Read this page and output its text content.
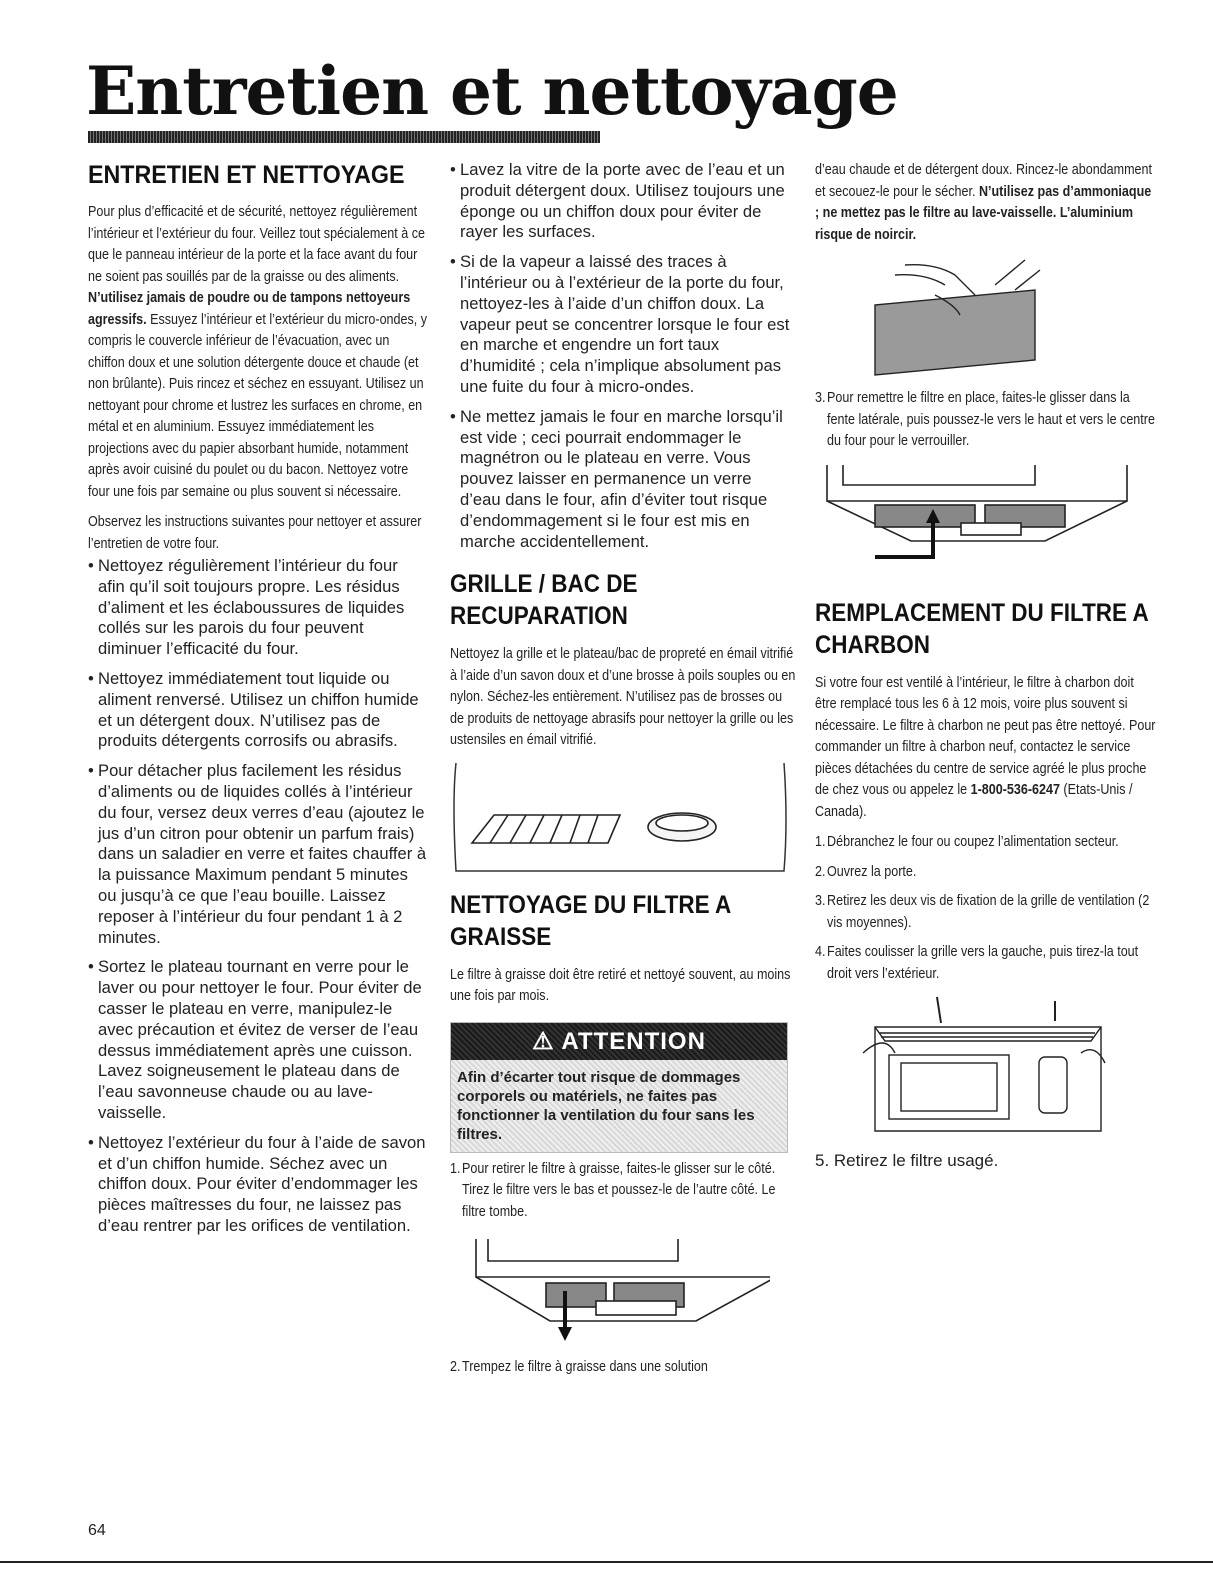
Entretien et nettoyage
ENTRETIEN ET NETTOYAGE

Pour plus d’efficacité et de sécurité, nettoyez régulièrement l’intérieur et l’extérieur du four. Veillez tout spécialement à ce que le panneau intérieur de la porte et la face avant du four ne soient pas souillés par de la graisse ou des aliments. N’utilisez jamais de poudre ou de tampons nettoyeurs agressifs. Essuyez l’intérieur et l’extérieur du micro-ondes, y compris le couvercle inférieur de l’évacuation, avec un chiffon doux et une solution détergente douce et chaude (et non brûlante). Puis rincez et séchez en essuyant. Utilisez un nettoyant pour chrome et lustrez les surfaces en chrome, en métal et en aluminium. Essuyez immédiatement les projections avec du papier absorbant humide, notamment après avoir cuisiné du poulet ou du bacon. Nettoyez votre four une fois par semaine ou plus souvent si nécessaire.

Observez les instructions suivantes pour nettoyer et assurer l’entretien de votre four.

• Nettoyez régulièrement l’intérieur du four afin qu’il soit toujours propre. Les résidus d’aliment et les éclaboussures de liquides collés sur les parois du four peuvent diminuer l’efficacité du four.
• Nettoyez immédiatement tout liquide ou aliment renversé. Utilisez un chiffon humide et un détergent doux. N’utilisez pas de produits détergents corrosifs ou abrasifs.
• Pour détacher plus facilement les résidus d’aliments ou de liquides collés à l’intérieur du four, versez deux verres d’eau (ajoutez le jus d’un citron pour obtenir un parfum frais) dans un saladier en verre et faites chauffer à la puissance Maximum pendant 5 minutes ou jusqu’à ce que l’eau bouille. Laissez reposer à l’intérieur du four pendant 1 à 2 minutes.
• Sortez le plateau tournant en verre pour le laver ou pour nettoyer le four. Pour éviter de casser le plateau en verre, manipulez-le avec précaution et évitez de verser de l’eau dessus immédiatement après une cuisson. Lavez soigneusement le plateau dans de l’eau savonneuse chaude ou au lave-vaisselle.
• Nettoyez l’extérieur du four à l’aide de savon et d’un chiffon humide. Séchez avec un chiffon doux. Pour éviter d’endommager les pièces maîtresses du four, ne laissez pas d’eau rentrer par les orifices de ventilation.
• Lavez la vitre de la porte avec de l’eau et un produit détergent doux. Utilisez toujours une éponge ou un chiffon doux pour éviter de rayer les surfaces.
• Si de la vapeur a laissé des traces à l’intérieur ou à l’extérieur de la porte du four, nettoyez-les à l’aide d’un chiffon doux. La vapeur peut se concentrer lorsque le four est en marche et engendre un fort taux d’humidité ; cela n’implique absolument pas une fuite du four à micro-ondes.
• Ne mettez jamais le four en marche lorsqu’il est vide ; ceci pourrait endommager le magnétron ou le plateau en verre. Vous pouvez laisser en permanence un verre d’eau dans le four, afin d’éviter tout risque d’endommagement si le four est mis en marche accidentellement.
GRILLE / BAC DE RECUPARATION

Nettoyez la grille et le plateau/bac de propreté en émail vitrifié à l’aide d’un savon doux et d’une brosse à poils souples ou en nylon. Séchez-les entièrement. N’utilisez pas de brosses ou de produits de nettoyage abrasifs pour nettoyer la grille ou les ustensiles en émail vitrifié.

NETTOYAGE DU FILTRE A GRAISSE

Le filtre à graisse doit être retiré et nettoyé souvent, au moins une fois par mois.

⚠ ATTENTION
Afin d’écarter tout risque de dommages corporels ou matériels, ne faites pas fonctionner la ventilation du four sans les filtres.
1. Pour retirer le filtre à graisse, faites-le glisser sur le côté. Tirez le filtre vers le bas et poussez-le de l’autre côté. Le filtre tombe.
2. Trempez le filtre à graisse dans une solution

d’eau chaude et de détergent doux. Rincez-le abondamment et secouez-le pour le sécher. N’utilisez pas d’ammoniaque ; ne mettez pas le filtre au lave-vaisselle. L’aluminium risque de noircir.

3. Pour remettre le filtre en place, faites-le glisser dans la fente latérale, puis poussez-le vers le haut et vers le centre du four pour le verrouiller.
REMPLACEMENT DU FILTRE A CHARBON

Si votre four est ventilé à l’intérieur, le filtre à charbon doit être remplacé tous les 6 à 12 mois, voire plus souvent si nécessaire. Le filtre à charbon ne peut pas être nettoyé. Pour commander un filtre à charbon neuf, contactez le service pièces détachées du centre de service agréé le plus proche de chez vous ou appelez le 1-800-536-6247 (Etats-Unis / Canada).

1. Débranchez le four ou coupez l’alimentation secteur.
2. Ouvrez la porte.
3. Retirez les deux vis de fixation de la grille de ventilation (2 vis moyennes).
4. Faites coulisser la grille vers la gauche, puis tirez-la tout droit vers l’extérieur.

5. Retirez le filtre usagé.

64
